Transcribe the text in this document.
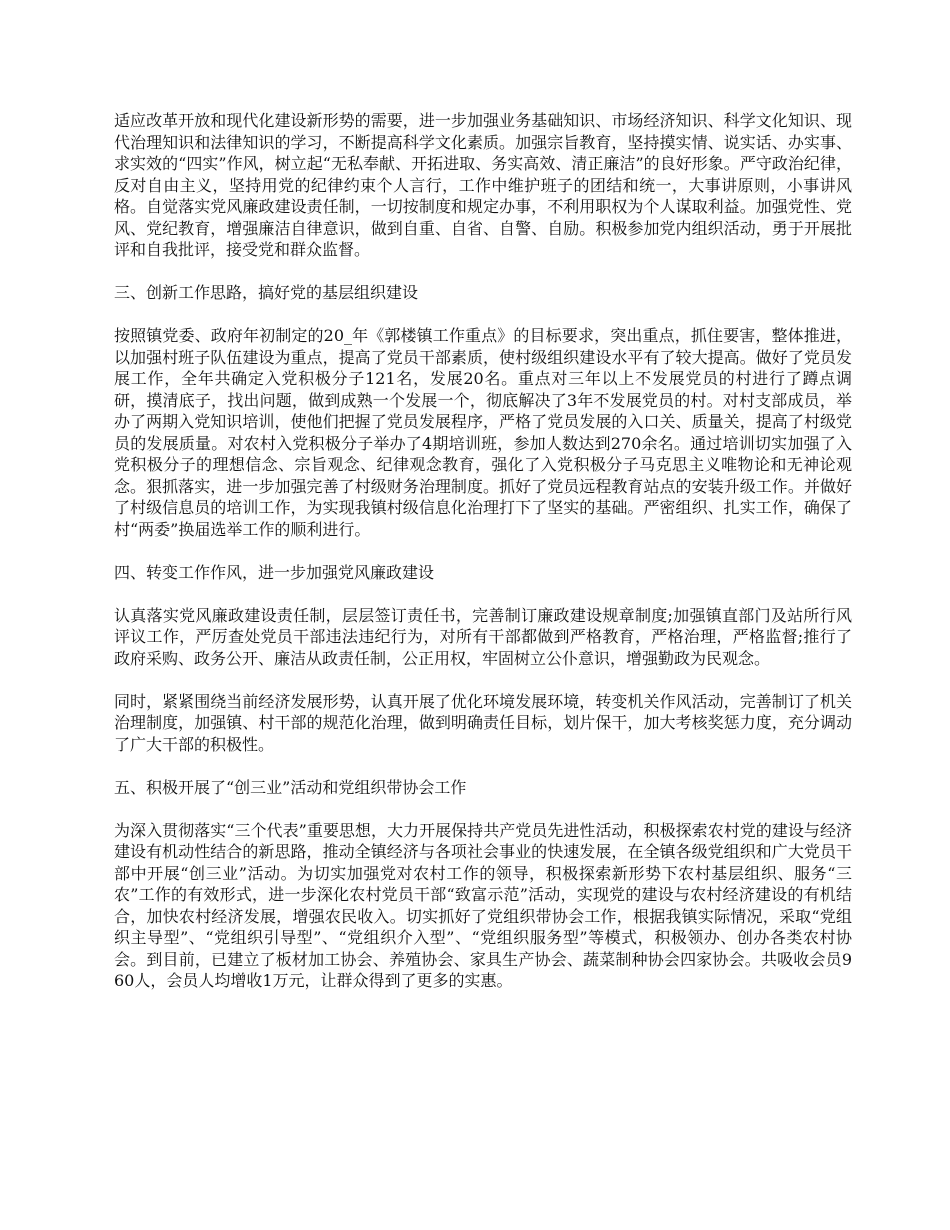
适应改革开放和现代化建设新形势的需要，进一步加强业务基础知识、市场经济知识、科学文化知识、现代治理知识和法律知识的学习，不断提高科学文化素质。加强宗旨教育，坚持摸实情、说实话、办实事、求实效的“四实”作风，树立起“无私奉献、开拓进取、务实高效、清正廉洁”的良好形象。严守政治纪律，反对自由主义，坚持用党的纪律约束个人言行，工作中维护班子的团结和统一，大事讲原则，小事讲风格。自觉落实党风廉政建设责任制，一切按制度和规定办事，不利用职权为个人谋取利益。加强党性、党风、党纪教育，增强廉洁自律意识，做到自重、自省、自警、自励。积极参加党内组织活动，勇于开展批评和自我批评，接受党和群众监督。

三、创新工作思路，搞好党的基层组织建设

按照镇党委、政府年初制定的20_年《郭楼镇工作重点》的目标要求，突出重点，抓住要害，整体推进，以加强村班子队伍建设为重点，提高了党员干部素质，使村级组织建设水平有了较大提高。做好了党员发展工作，全年共确定入党积极分子121名，发展20名。重点对三年以上不发展党员的村进行了蹲点调研，摸清底子，找出问题，做到成熟一个发展一个，彻底解决了3年不发展党员的村。对村支部成员，举办了两期入党知识培训，使他们把握了党员发展程序，严格了党员发展的入口关、质量关，提高了村级党员的发展质量。对农村入党积极分子举办了4期培训班，参加人数达到270余名。通过培训切实加强了入党积极分子的理想信念、宗旨观念、纪律观念教育，强化了入党积极分子马克思主义唯物论和无神论观念。狠抓落实，进一步加强完善了村级财务治理制度。抓好了党员远程教育站点的安装升级工作。并做好了村级信息员的培训工作，为实现我镇村级信息化治理打下了坚实的基础。严密组织、扎实工作，确保了村“两委”换届选举工作的顺利进行。

四、转变工作作风，进一步加强党风廉政建设

认真落实党风廉政建设责任制，层层签订责任书，完善制订廉政建设规章制度;加强镇直部门及站所行风评议工作，严厉查处党员干部违法违纪行为，对所有干部都做到严格教育，严格治理，严格监督;推行了政府采购、政务公开、廉洁从政责任制，公正用权，牢固树立公仆意识，增强勤政为民观念。

同时，紧紧围绕当前经济发展形势，认真开展了优化环境发展环境，转变机关作风活动，完善制订了机关治理制度，加强镇、村干部的规范化治理，做到明确责任目标，划片保干，加大考核奖惩力度，充分调动了广大干部的积极性。

五、积极开展了“创三业”活动和党组织带协会工作

为深入贯彻落实“三个代表”重要思想，大力开展保持共产党员先进性活动，积极探索农村党的建设与经济建设有机动性结合的新思路，推动全镇经济与各项社会事业的快速发展，在全镇各级党组织和广大党员干部中开展“创三业”活动。为切实加强党对农村工作的领导，积极探索新形势下农村基层组织、服务“三农”工作的有效形式，进一步深化农村党员干部“致富示范”活动，实现党的建设与农村经济建设的有机结合，加快农村经济发展，增强农民收入。切实抓好了党组织带协会工作，根据我镇实际情况，采取“党组织主导型”、“党组织引导型”、“党组织介入型”、“党组织服务型”等模式，积极领办、创办各类农村协会。到目前，已建立了板材加工协会、养殖协会、家具生产协会、蔬菜制种协会四家协会。共吸收会员960人，会员人均增收1万元，让群众得到了更多的实惠。
